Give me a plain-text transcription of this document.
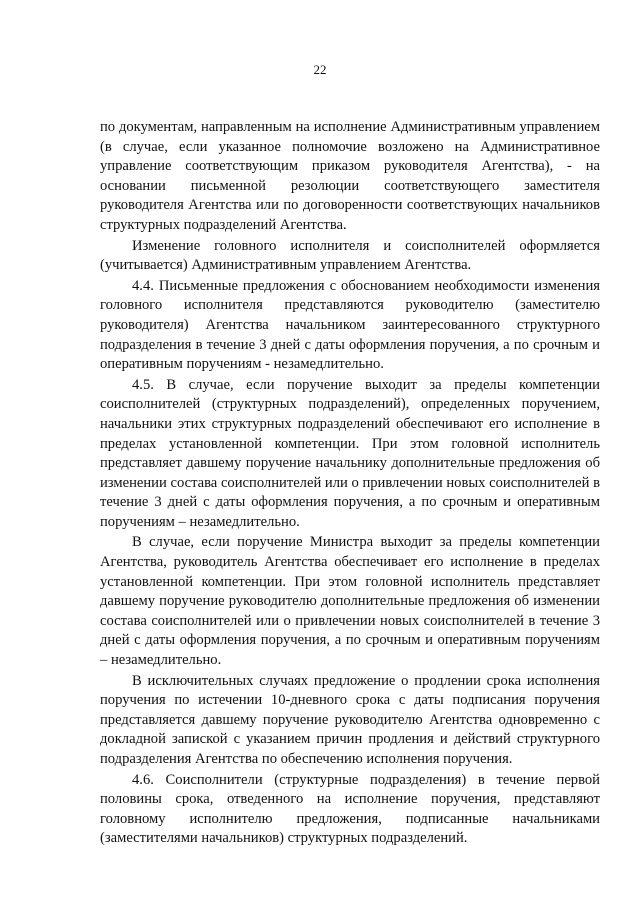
22

по документам, направленным на исполнение Административным управлением (в случае, если указанное полномочие возложено на Административное управление соответствующим приказом руководителя Агентства), - на основании письменной резолюции соответствующего заместителя руководителя Агентства или по договоренности соответствующих начальников структурных подразделений Агентства.

Изменение головного исполнителя и соисполнителей оформляется (учитывается) Административным управлением Агентства.

4.4. Письменные предложения с обоснованием необходимости изменения головного исполнителя представляются руководителю (заместителю руководителя) Агентства начальником заинтересованного структурного подразделения в течение 3 дней с даты оформления поручения, а по срочным и оперативным поручениям - незамедлительно.

4.5. В случае, если поручение выходит за пределы компетенции соисполнителей (структурных подразделений), определенных поручением, начальники этих структурных подразделений обеспечивают его исполнение в пределах установленной компетенции. При этом головной исполнитель представляет давшему поручение начальнику дополнительные предложения об изменении состава соисполнителей или о привлечении новых соисполнителей в течение 3 дней с даты оформления поручения, а по срочным и оперативным поручениям – незамедлительно.

В случае, если поручение Министра выходит за пределы компетенции Агентства, руководитель Агентства обеспечивает его исполнение в пределах установленной компетенции. При этом головной исполнитель представляет давшему поручение руководителю дополнительные предложения об изменении состава соисполнителей или о привлечении новых соисполнителей в течение 3 дней с даты оформления поручения, а по срочным и оперативным поручениям – незамедлительно.

В исключительных случаях предложение о продлении срока исполнения поручения по истечении 10-дневного срока с даты подписания поручения представляется давшему поручение руководителю Агентства одновременно с докладной запиской с указанием причин продления и действий структурного подразделения Агентства по обеспечению исполнения поручения.

4.6. Соисполнители (структурные подразделения) в течение первой половины срока, отведенного на исполнение поручения, представляют головному исполнителю предложения, подписанные начальниками (заместителями начальников) структурных подразделений.
